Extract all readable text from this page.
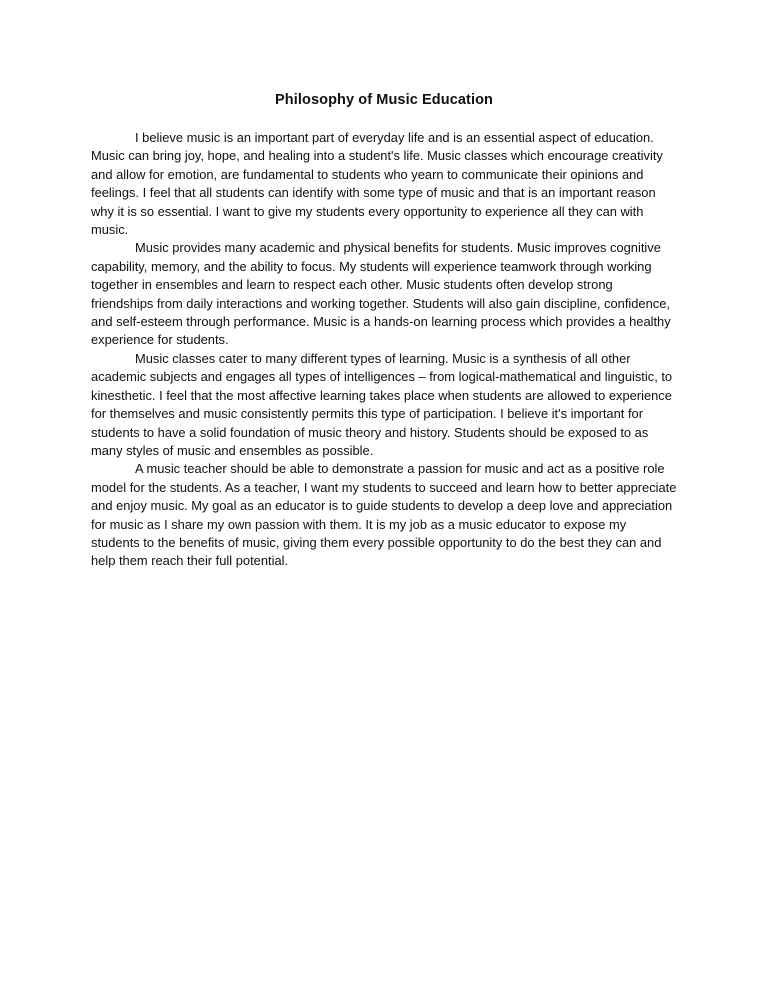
Philosophy of Music Education

I believe music is an important part of everyday life and is an essential aspect of education. Music can bring joy, hope, and healing into a student's life. Music classes which encourage creativity and allow for emotion, are fundamental to students who yearn to communicate their opinions and feelings. I feel that all students can identify with some type of music and that is an important reason why it is so essential. I want to give my students every opportunity to experience all they can with music.

Music provides many academic and physical benefits for students. Music improves cognitive capability, memory, and the ability to focus. My students will experience teamwork through working together in ensembles and learn to respect each other. Music students often develop strong friendships from daily interactions and working together. Students will also gain discipline, confidence, and self-esteem through performance. Music is a hands-on learning process which provides a healthy experience for students.

Music classes cater to many different types of learning. Music is a synthesis of all other academic subjects and engages all types of intelligences – from logical-mathematical and linguistic, to kinesthetic. I feel that the most affective learning takes place when students are allowed to experience for themselves and music consistently permits this type of participation. I believe it's important for students to have a solid foundation of music theory and history. Students should be exposed to as many styles of music and ensembles as possible.

A music teacher should be able to demonstrate a passion for music and act as a positive role model for the students. As a teacher, I want my students to succeed and learn how to better appreciate and enjoy music. My goal as an educator is to guide students to develop a deep love and appreciation for music as I share my own passion with them. It is my job as a music educator to expose my students to the benefits of music, giving them every possible opportunity to do the best they can and help them reach their full potential.
